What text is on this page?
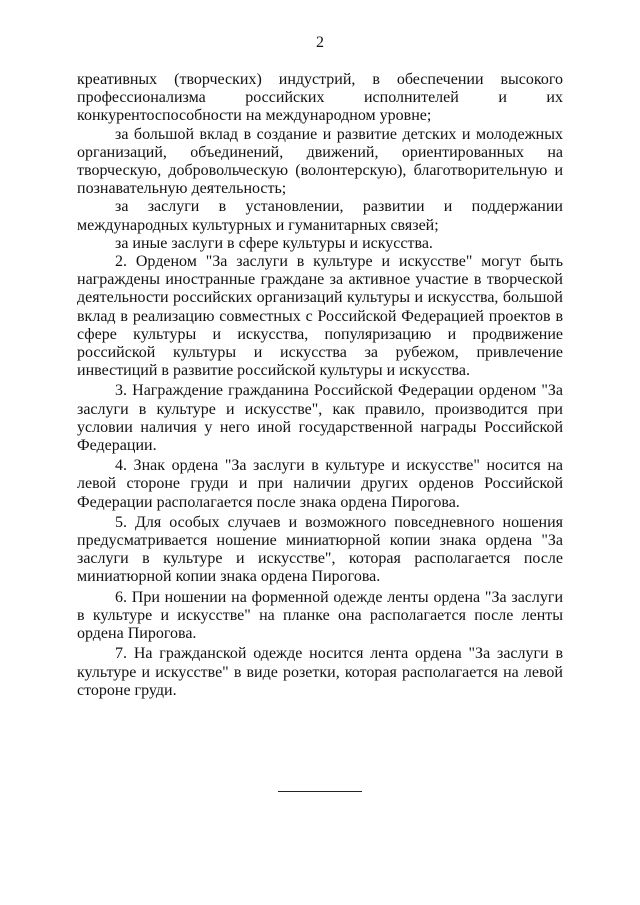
2

креативных (творческих) индустрий, в обеспечении высокого профессионализма российских исполнителей и их конкурентоспособности на международном уровне;

за большой вклад в создание и развитие детских и молодежных организаций, объединений, движений, ориентированных на творческую, добровольческую (волонтерскую), благотворительную и познавательную деятельность;

за заслуги в установлении, развитии и поддержании международных культурных и гуманитарных связей;

за иные заслуги в сфере культуры и искусства.

2. Орденом "За заслуги в культуре и искусстве" могут быть награждены иностранные граждане за активное участие в творческой деятельности российских организаций культуры и искусства, большой вклад в реализацию совместных с Российской Федерацией проектов в сфере культуры и искусства, популяризацию и продвижение российской культуры и искусства за рубежом, привлечение инвестиций в развитие российской культуры и искусства.

3. Награждение гражданина Российской Федерации орденом "За заслуги в культуре и искусстве", как правило, производится при условии наличия у него иной государственной награды Российской Федерации.

4. Знак ордена "За заслуги в культуре и искусстве" носится на левой стороне груди и при наличии других орденов Российской Федерации располагается после знака ордена Пирогова.

5. Для особых случаев и возможного повседневного ношения предусматривается ношение миниатюрной копии знака ордена "За заслуги в культуре и искусстве", которая располагается после миниатюрной копии знака ордена Пирогова.

6. При ношении на форменной одежде ленты ордена "За заслуги в культуре и искусстве" на планке она располагается после ленты ордена Пирогова.

7. На гражданской одежде носится лента ордена "За заслуги в культуре и искусстве" в виде розетки, которая располагается на левой стороне груди.
